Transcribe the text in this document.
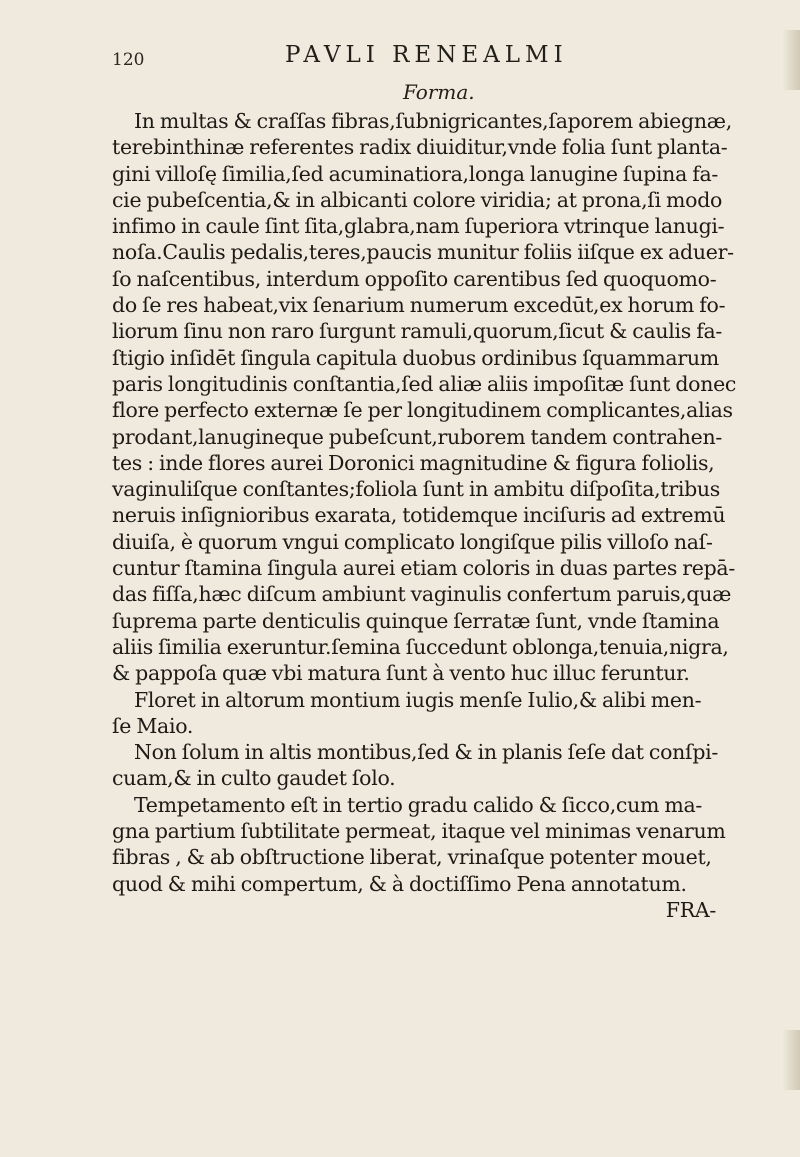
120	PAVLI RENEALMI

Forma.

In multas & craſſas fibras,ſubnigricantes,ſaporem abiegnæ,
terebinthinæ referentes radix diuiditur,vnde folia ſunt planta-
gini villoſę ſimilia,ſed acuminatiora,longa lanugine ſupina fa-
cie pubeſcentia,& in albicanti colore viridia; at prona,ſi modo
infimo in caule ſint ſita,glabra,nam ſuperiora vtrinque lanugi-
noſa.Caulis pedalis,teres,paucis munitur foliis iiſque ex aduer-
ſo naſcentibus, interdum oppoſito carentibus ſed quoquomo-
do ſe res habeat,vix ſenarium numerum excedūt,ex horum fo-
liorum ſinu non raro ſurgunt ramuli,quorum,ſicut & caulis fa-
ſtigio inſidēt ſingula capitula duobus ordinibus ſquammarum
paris longitudinis conſtantia,ſed aliæ aliis impoſitæ ſunt donec
flore perfecto externæ ſe per longitudinem complicantes,alias
prodant,lanugineque pubeſcunt,ruborem tandem contrahen-
tes : inde flores aurei Doronici magnitudine & figura foliolis,
vaginuliſque conſtantes;foliola ſunt in ambitu diſpoſita,tribus
neruis inſignioribus exarata, totidemque inciſuris ad extremū
diuiſa, è quorum vngui complicato longiſque pilis villoſo naſ-
cuntur ſtamina ſingula aurei etiam coloris in duas partes repā-
das fiſſa,hæc diſcum ambiunt vaginulis confertum paruis,quæ
ſuprema parte denticulis quinque ſerratæ ſunt, vnde ſtamina
aliis ſimilia exeruntur.ſemina ſuccedunt oblonga,tenuia,nigra,
& pappoſa quæ vbi matura ſunt à vento huc illuc feruntur.
Floret in altorum montium iugis menſe Iulio,& alibi men-
ſe Maio.
Non ſolum in altis montibus,ſed & in planis ſeſe dat conſpi-
cuam,& in culto gaudet ſolo.
Tempetamento eſt in tertio gradu calido & ſicco,cum ma-
gna partium ſubtilitate permeat, itaque vel minimas venarum
fibras , & ab obſtructione liberat, vrinaſque potenter mouet,
quod & mihi compertum, & à doctiſſimo Pena annotatum.
FRA-
